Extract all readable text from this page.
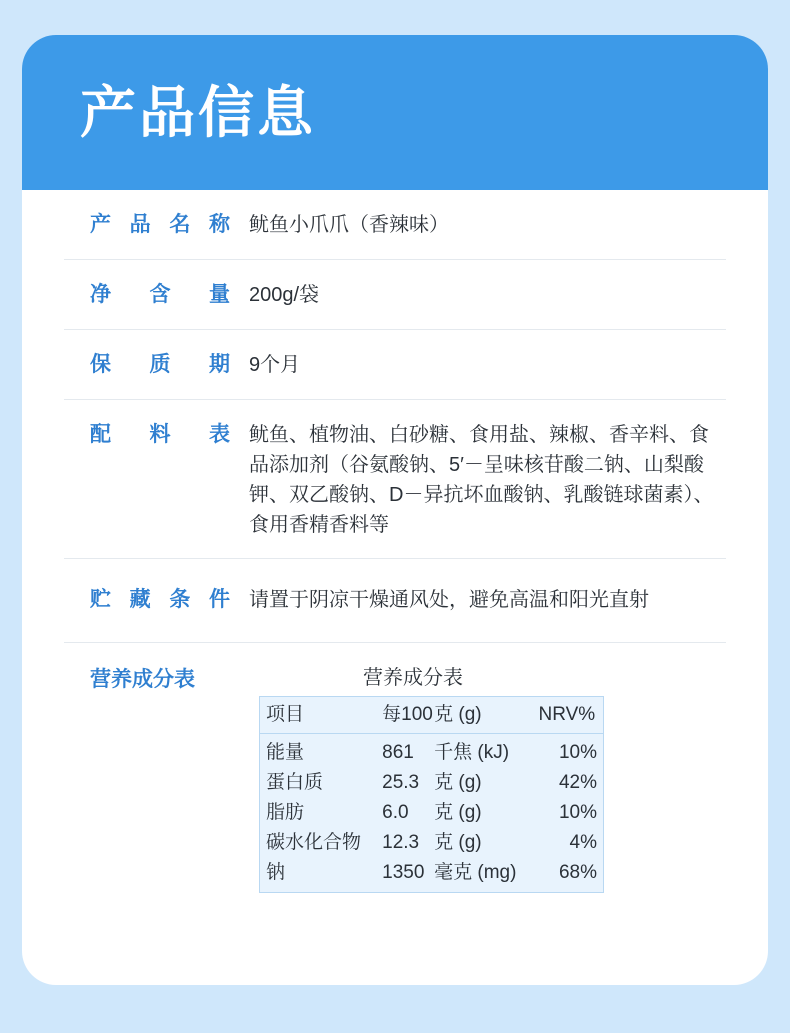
产品信息
产品名称 鱿鱼小爪爪（香辣味）
净含量 200g/袋
保质期 9个月
配料表 鱿鱼、植物油、白砂糖、食用盐、辣椒、香辛料、食品添加剂（谷氨酸钠、5′－呈味核苷酸二钠、山梨酸钾、双乙酸钠、D－异抗坏血酸钠、乳酸链球菌素）、食用香精香料等
贮藏条件 请置于阴凉干燥通风处，避免高温和阳光直射
营养成分表	营养成分表
项目	每100克 (g)	NRV%
能量	861 千焦 (kJ)	10%
蛋白质	25.3 克 (g)	42%
脂肪	6.0 克 (g)	10%
碳水化合物	12.3 克 (g)	4%
钠	1350 毫克 (mg)	68%
